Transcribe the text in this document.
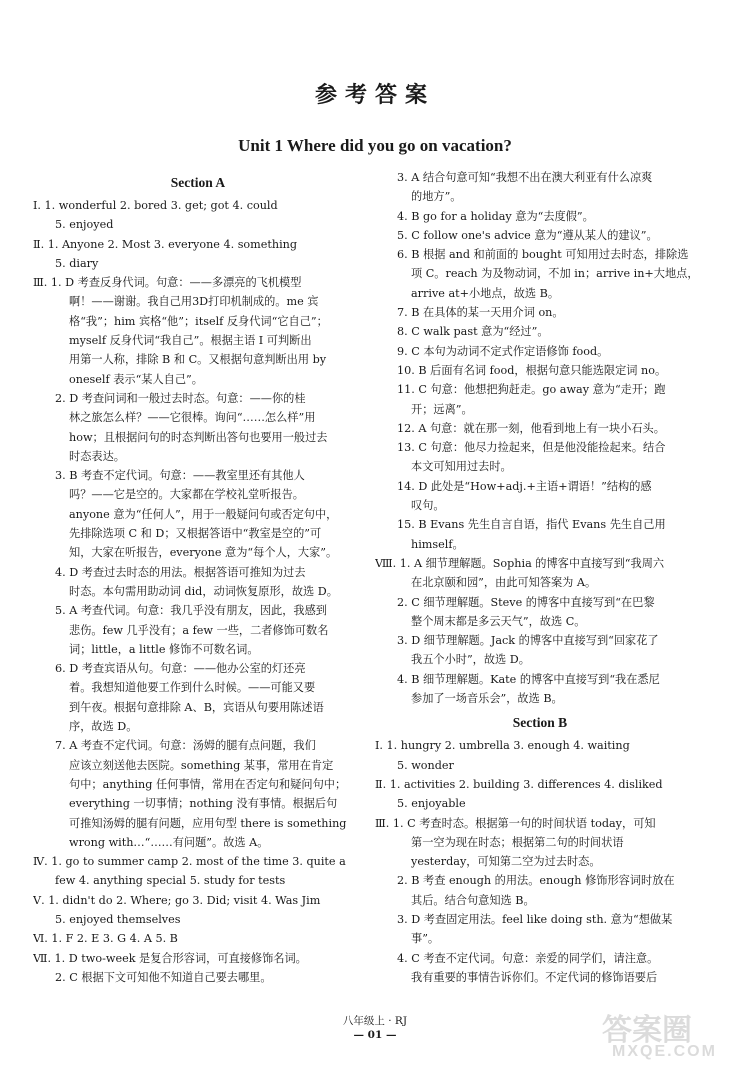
参考答案
Unit 1 Where did you go on vacation?
Section A
Ⅰ. 1. wonderful 2. bored 3. get; got 4. could
5. enjoyed
Ⅱ. 1. Anyone 2. Most 3. everyone 4. something
5. diary
Ⅲ. 1. D 考查反身代词。句意：——多漂亮的飞机模型
啊！——谢谢。我自己用3D打印机制成的。me 宾
格“我”；him 宾格“他”；itself 反身代词“它自己”；
myself 反身代词“我自己”。根据主语 I 可判断出
用第一人称，排除 B 和 C。又根据句意判断出用 by
oneself 表示“某人自己”。
2. D 考查问词和一般过去时态。句意：——你的桂
林之旅怎么样？——它很棒。询问“……怎么样”用
how；且根据问句的时态判断出答句也要用一般过去
时态表达。
3. B 考查不定代词。句意：——教室里还有其他人
吗？——它是空的。大家都在学校礼堂听报告。
anyone 意为“任何人”，用于一般疑问句或否定句中，
先排除选项 C 和 D；又根据答语中“教室是空的”可
知，大家在听报告，everyone 意为“每个人，大家”。
4. D 考查过去时态的用法。根据答语可推知为过去
时态。本句需用助动词 did，动词恢复原形，故选 D。
5. A 考查代词。句意：我几乎没有朋友，因此，我感到
悲伤。few 几乎没有；a few 一些，二者修饰可数名
词；little，a little 修饰不可数名词。
6. D 考查宾语从句。句意：——他办公室的灯还亮
着。我想知道他要工作到什么时候。——可能又要
到午夜。根据句意排除 A、B，宾语从句要用陈述语
序，故选 D。
7. A 考查不定代词。句意：汤姆的腿有点问题，我们
应该立刻送他去医院。something 某事，常用在肯定
句中；anything 任何事情，常用在否定句和疑问句中；
everything 一切事情；nothing 没有事情。根据后句
可推知汤姆的腿有问题，应用句型 there is something
wrong with…“……有问题”。故选 A。
Ⅳ. 1. go to summer camp 2. most of the time 3. quite a
few 4. anything special 5. study for tests
Ⅴ. 1. didn't do 2. Where; go 3. Did; visit 4. Was Jim
5. enjoyed themselves
Ⅵ. 1. F 2. E 3. G 4. A 5. B
Ⅶ. 1. D two-week 是复合形容词，可直接修饰名词。
2. C 根据下文可知他不知道自己要去哪里。
3. A 结合句意可知“我想不出在澳大利亚有什么凉爽
的地方”。
4. B go for a holiday 意为“去度假”。
5. C follow one's advice 意为“遵从某人的建议”。
6. B 根据 and 和前面的 bought 可知用过去时态，排除选
项 C。reach 为及物动词，不加 in；arrive in+大地点，
arrive at+小地点，故选 B。
7. B 在具体的某一天用介词 on。
8. C walk past 意为“经过”。
9. C 本句为动词不定式作定语修饰 food。
10. B 后面有名词 food，根据句意只能选限定词 no。
11. C 句意：他想把狗赶走。go away 意为“走开；跑
开；远离”。
12. A 句意：就在那一刻，他看到地上有一块小石头。
13. C 句意：他尽力捡起来，但是他没能捡起来。结合
本文可知用过去时。
14. D 此处是“How+adj.+主语+谓语！”结构的感
叹句。
15. B Evans 先生自言自语，指代 Evans 先生自己用
himself。
Ⅷ. 1. A 细节理解题。Sophia 的博客中直接写到“我周六
在北京颐和园”，由此可知答案为 A。
2. C 细节理解题。Steve 的博客中直接写到“在巴黎
整个周末都是多云天气”，故选 C。
3. D 细节理解题。Jack 的博客中直接写到“回家花了
我五个小时”，故选 D。
4. B 细节理解题。Kate 的博客中直接写到“我在悉尼
参加了一场音乐会”，故选 B。
Section B
Ⅰ. 1. hungry 2. umbrella 3. enough 4. waiting
5. wonder
Ⅱ. 1. activities 2. building 3. differences 4. disliked
5. enjoyable
Ⅲ. 1. C 考查时态。根据第一句的时间状语 today，可知
第一空为现在时态；根据第二句的时间状语
yesterday，可知第二空为过去时态。
2. B 考查 enough 的用法。enough 修饰形容词时放在
其后。结合句意知选 B。
3. D 考查固定用法。feel like doing sth. 意为“想做某
事”。
4. C 考查不定代词。句意：亲爱的同学们，请注意。
我有重要的事情告诉你们。不定代词的修饰语要后
八年级上 · RJ
— 01 —	答案圈
MXQE.COM
